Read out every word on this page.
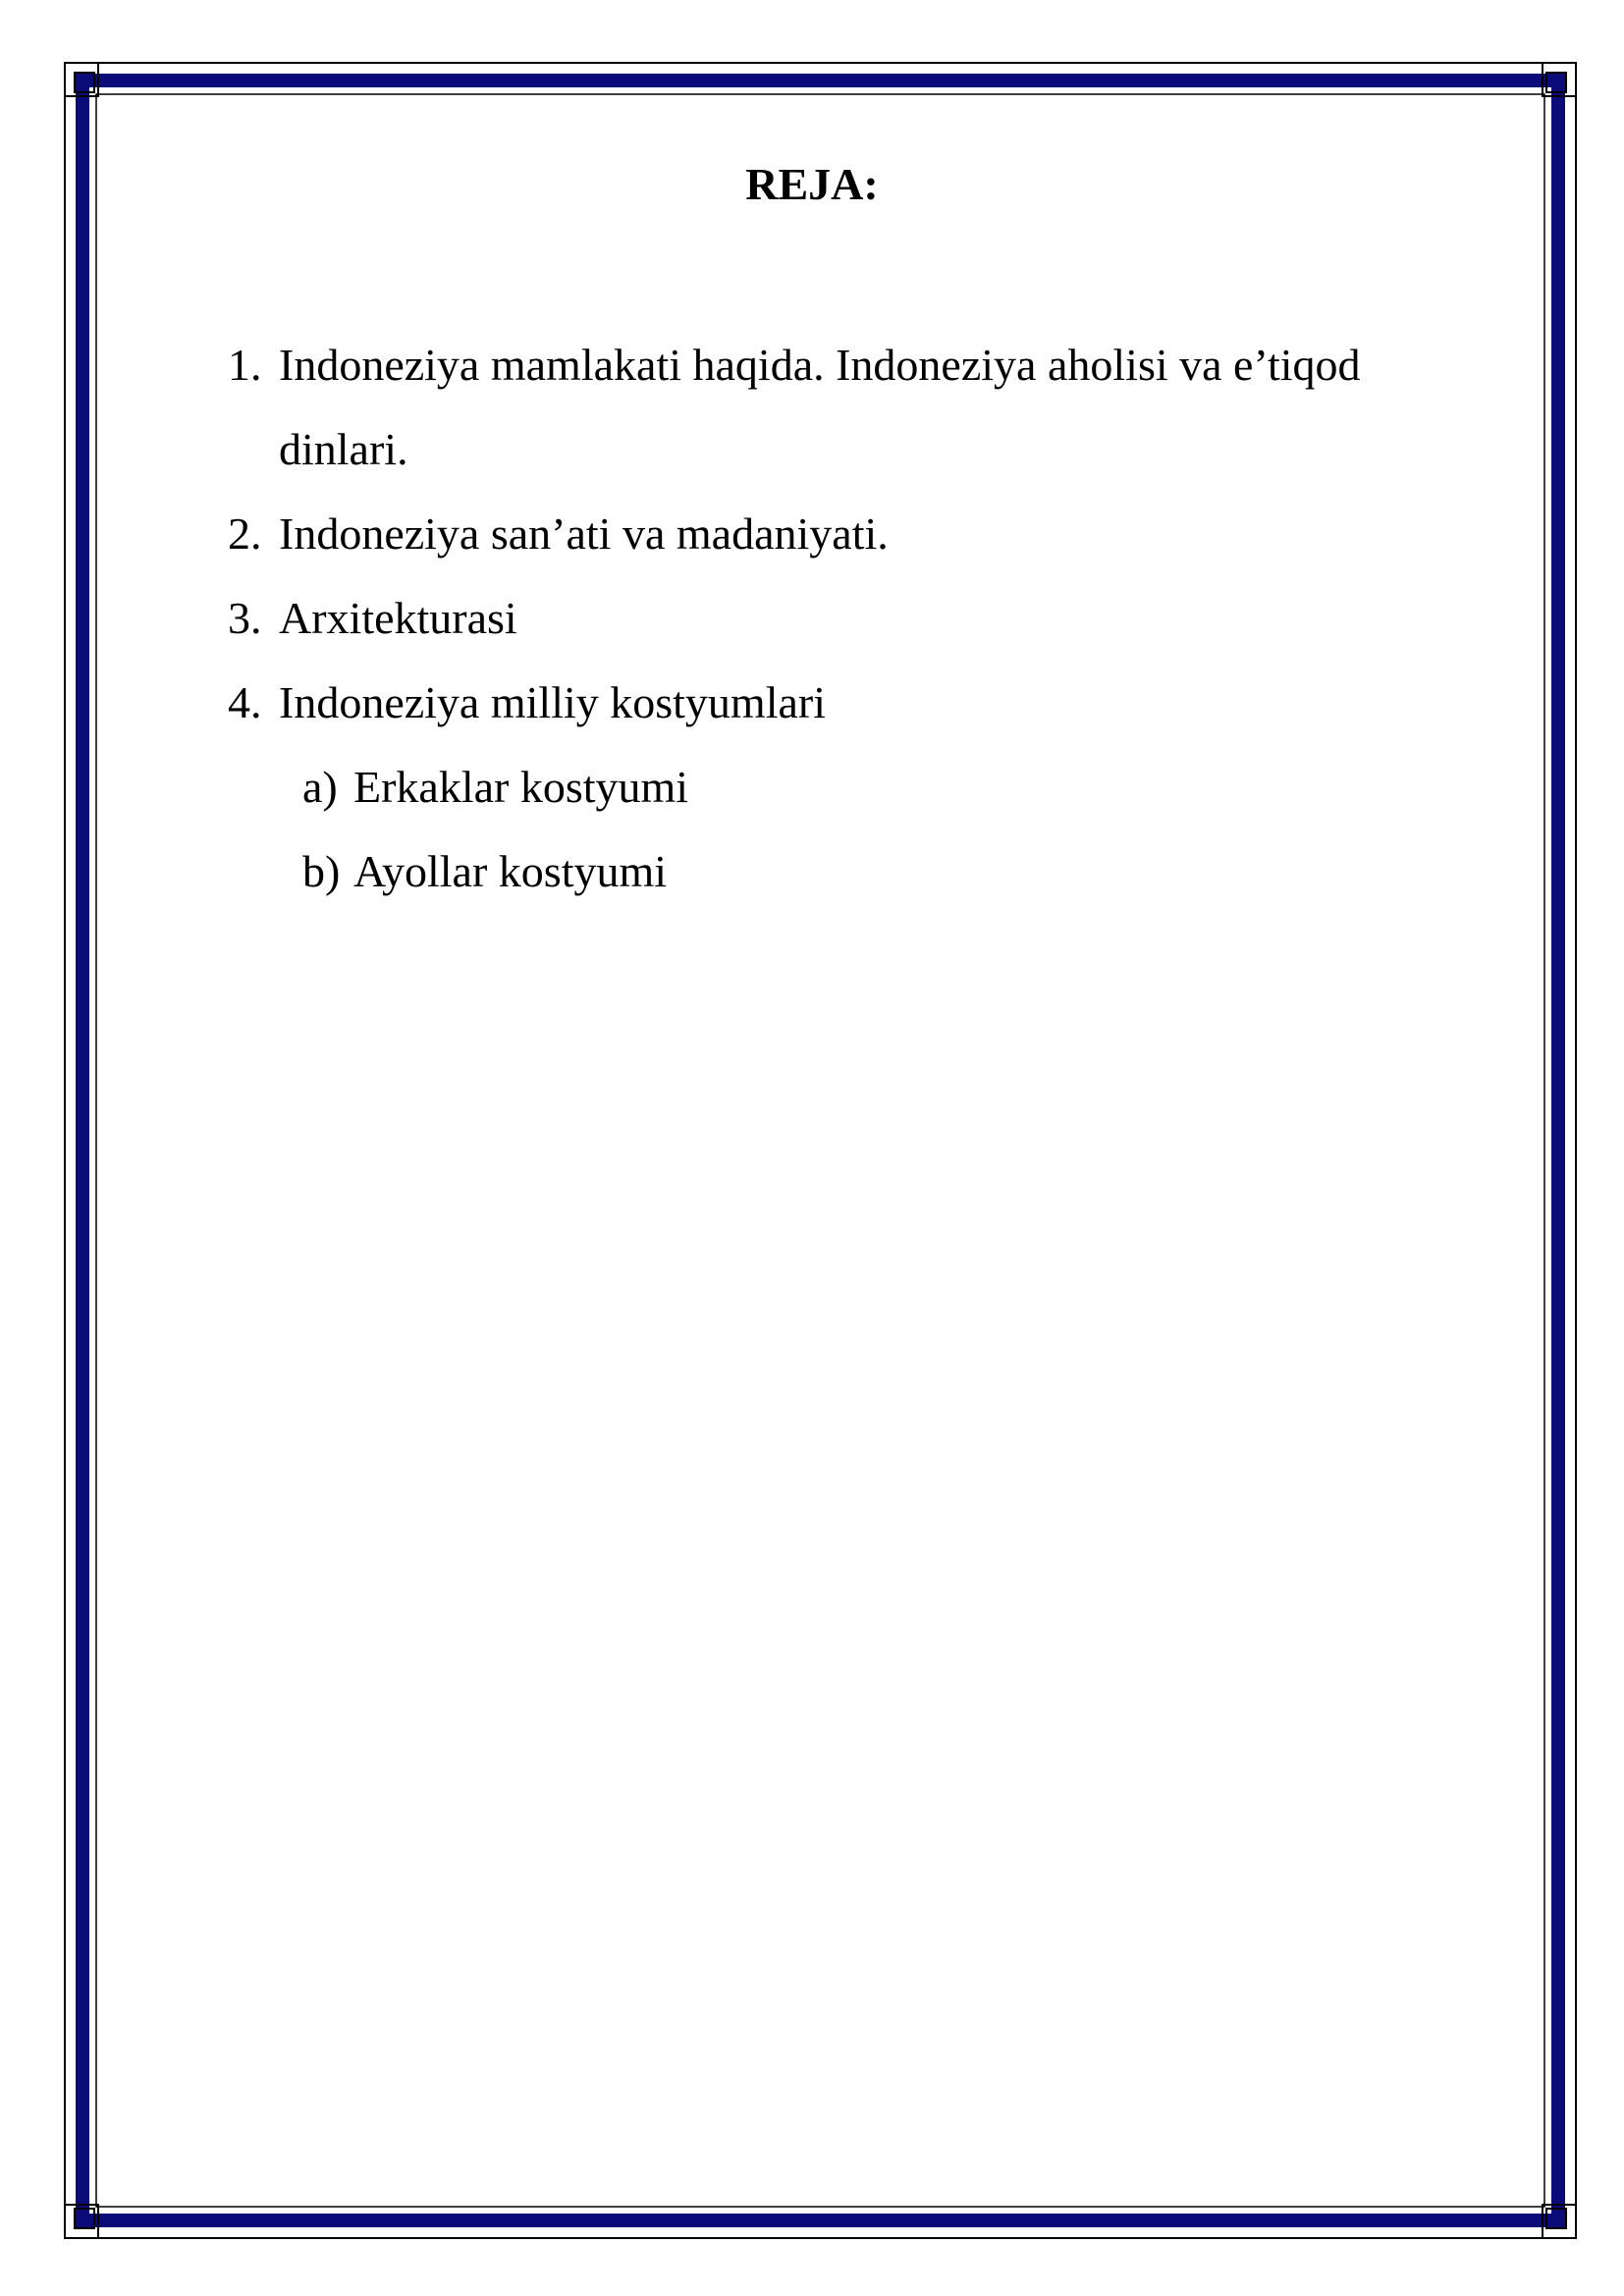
REJA:
1. Indoneziya mamlakati haqida. Indoneziya aholisi va e’tiqod dinlari.
2. Indoneziya san’ati va madaniyati.
3. Arxitekturasi
4. Indoneziya milliy kostyumlari
a) Erkaklar kostyumi
b) Ayollar kostyumi
